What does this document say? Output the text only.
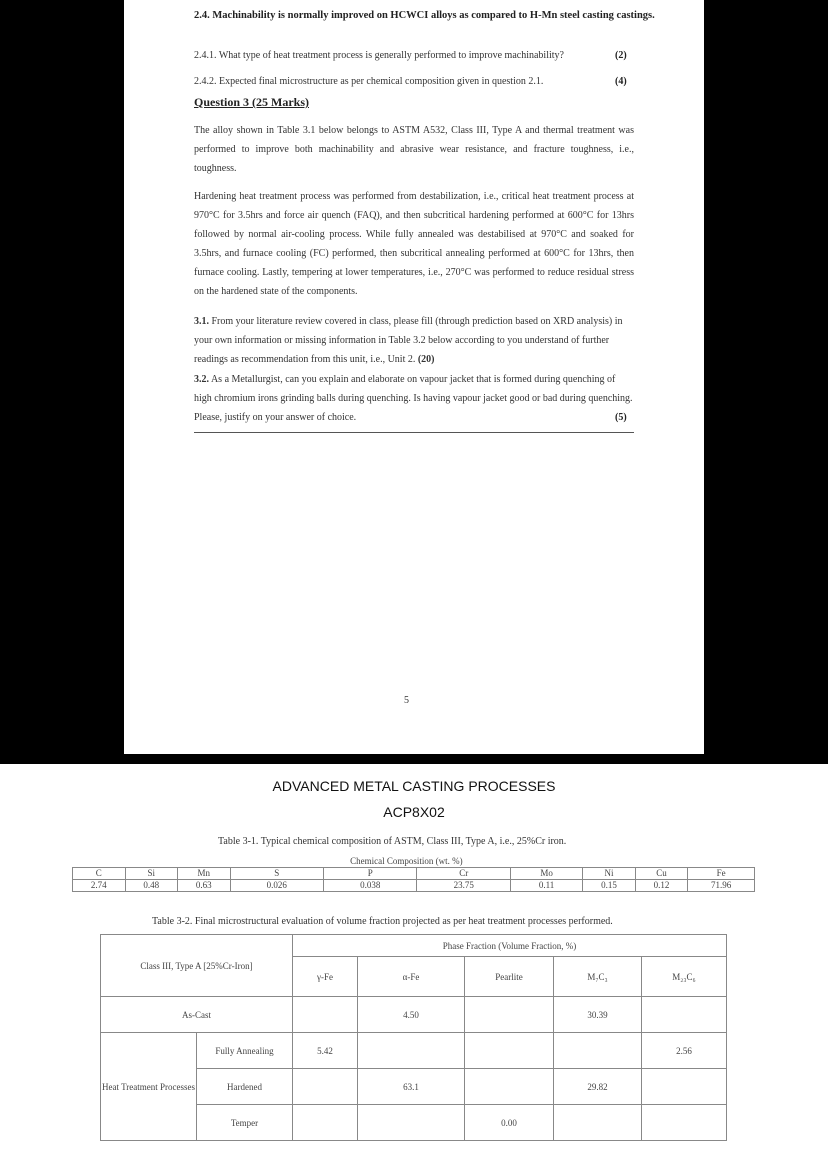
2.4. Machinability is normally improved on HCWCI alloys as compared to H-Mn steel casting castings.
2.4.1. What type of heat treatment process is generally performed to improve machinability?	(2)
2.4.2. Expected final microstructure as per chemical composition given in question 2.1.	(4)
Question 3 (25 Marks)
The alloy shown in Table 3.1 below belongs to ASTM A532, Class III, Type A and thermal treatment was performed to improve both machinability and abrasive wear resistance, and fracture toughness, i.e., toughness.
Hardening heat treatment process was performed from destabilization, i.e., critical heat treatment process at 970°C for 3.5hrs and force air quench (FAQ), and then subcritical hardening performed at 600°C for 13hrs followed by normal air-cooling process. While fully annealed was destabilised at 970°C and soaked for 3.5hrs, and furnace cooling (FC) performed, then subcritical annealing performed at 600°C for 13hrs, then furnace cooling. Lastly, tempering at lower temperatures, i.e., 270°C was performed to reduce residual stress on the hardened state of the components.
3.1. From your literature review covered in class, please fill (through prediction based on XRD analysis) in your own information or missing information in Table 3.2 below according to you understand of further readings as recommendation from this unit, i.e., Unit 2. (20)
3.2. As a Metallurgist, can you explain and elaborate on vapour jacket that is formed during quenching of high chromium irons grinding balls during quenching. Is having vapour jacket good or bad during quenching. Please, justify on your answer of choice.	(5)
5
ADVANCED METAL CASTING PROCESSES
ACP8X02
Table 3-1. Typical chemical composition of ASTM, Class III, Type A, i.e., 25%Cr iron.
			Chemical Composition (wt. %)						
C	Si	Mn	S	P	Cr	Mo	Ni	Cu	Fe
2.74	0.48	0.63	0.026	0.038	23.75	0.11	0.15	0.12	71.96
Table 3-2. Final microstructural evaluation of volume fraction projected as per heat treatment processes performed.
Class III, Type A [25%Cr-Iron]		Phase Fraction (Volume Fraction, %)				
		γ-Fe	α-Fe	Pearlite	M₇C₃	M₂₃C₆
As-Cast			4.50		30.39	
Heat Treatment Processes	Fully Annealing	5.42				2.56
	Hardened		63.1		29.82	
	Temper			0.00		
